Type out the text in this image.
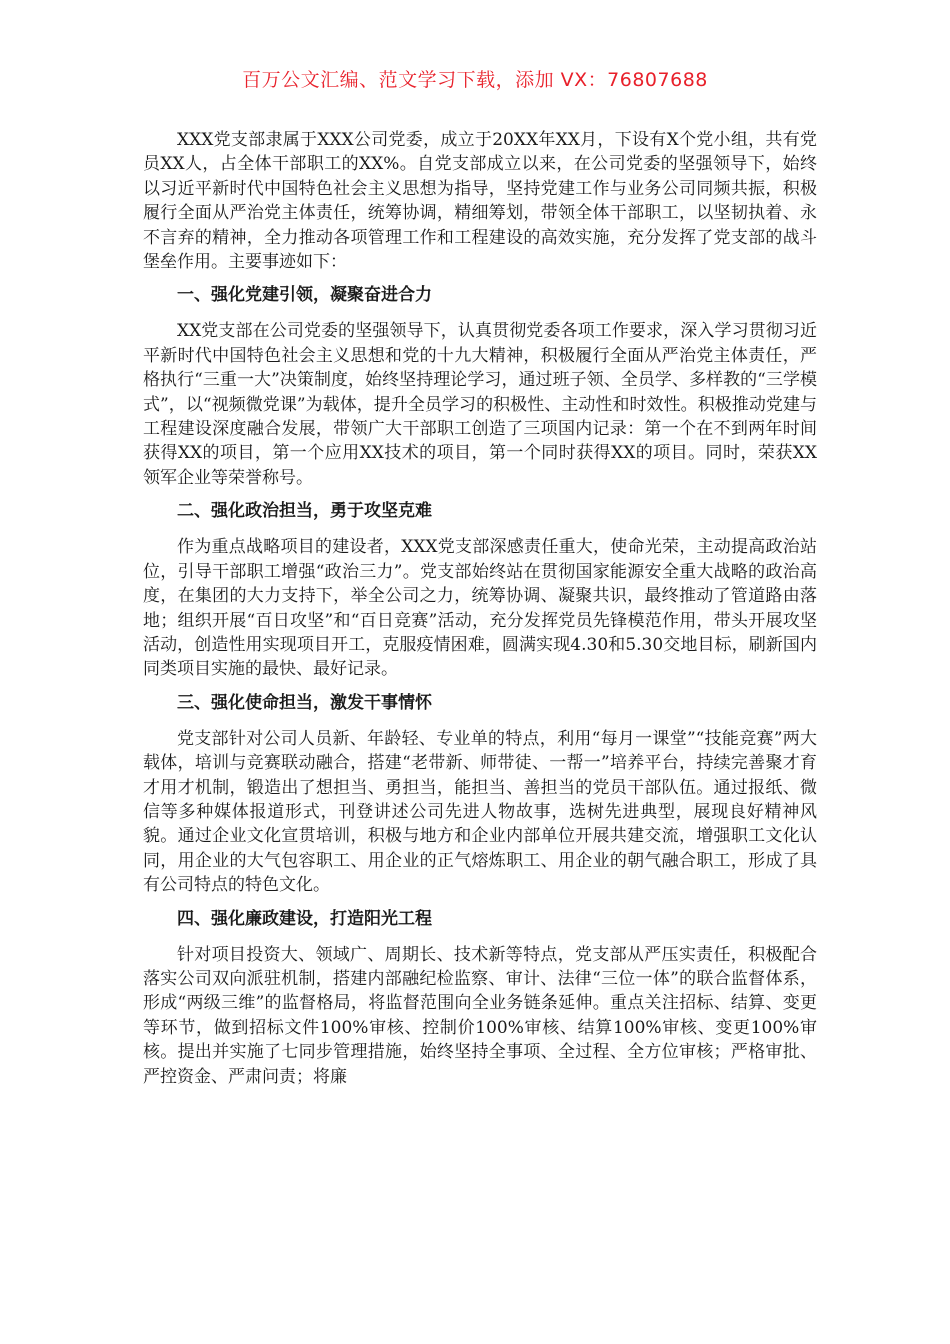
百万公文汇编、范文学习下载，添加 VX：76807688

XXX党支部隶属于XXX公司党委，成立于20XX年XX月，下设有X个党小组，共有党员XX人，占全体干部职工的XX%。自党支部成立以来，在公司党委的坚强领导下，始终以习近平新时代中国特色社会主义思想为指导，坚持党建工作与业务公司同频共振，积极履行全面从严治党主体责任，统筹协调，精细筹划，带领全体干部职工，以坚韧执着、永不言弃的精神，全力推动各项管理工作和工程建设的高效实施，充分发挥了党支部的战斗堡垒作用。主要事迹如下：

一、强化党建引领，凝聚奋进合力

XX党支部在公司党委的坚强领导下，认真贯彻党委各项工作要求，深入学习贯彻习近平新时代中国特色社会主义思想和党的十九大精神，积极履行全面从严治党主体责任，严格执行“三重一大”决策制度，始终坚持理论学习，通过班子领、全员学、多样教的“三学模式”，以“视频微党课”为载体，提升全员学习的积极性、主动性和时效性。积极推动党建与工程建设深度融合发展，带领广大干部职工创造了三项国内记录：第一个在不到两年时间获得XX的项目，第一个应用XX技术的项目，第一个同时获得XX的项目。同时，荣获XX领军企业等荣誉称号。

二、强化政治担当，勇于攻坚克难

作为重点战略项目的建设者，XXX党支部深感责任重大，使命光荣，主动提高政治站位，引导干部职工增强“政治三力”。党支部始终站在贯彻国家能源安全重大战略的政治高度，在集团的大力支持下，举全公司之力，统筹协调、凝聚共识，最终推动了管道路由落地；组织开展“百日攻坚”和“百日竞赛”活动，充分发挥党员先锋模范作用，带头开展攻坚活动，创造性用实现项目开工，克服疫情困难，圆满实现4.30和5.30交地目标，刷新国内同类项目实施的最快、最好记录。

三、强化使命担当，激发干事情怀

党支部针对公司人员新、年龄轻、专业单的特点，利用“每月一课堂”“技能竞赛”两大载体，培训与竞赛联动融合，搭建“老带新、师带徒、一帮一”培养平台，持续完善聚才育才用才机制，锻造出了想担当、勇担当，能担当、善担当的党员干部队伍。通过报纸、微信等多种媒体报道形式，刊登讲述公司先进人物故事，选树先进典型，展现良好精神风貌。通过企业文化宣贯培训，积极与地方和企业内部单位开展共建交流，增强职工文化认同，用企业的大气包容职工、用企业的正气熔炼职工、用企业的朝气融合职工，形成了具有公司特点的特色文化。

四、强化廉政建设，打造阳光工程

针对项目投资大、领域广、周期长、技术新等特点，党支部从严压实责任，积极配合落实公司双向派驻机制，搭建内部融纪检监察、审计、法律“三位一体”的联合监督体系，形成“两级三维”的监督格局，将监督范围向全业务链条延伸。重点关注招标、结算、变更等环节，做到招标文件100%审核、控制价100%审核、结算100%审核、变更100%审核。提出并实施了七同步管理措施，始终坚持全事项、全过程、全方位审核；严格审批、严控资金、严肃问责；将廉
